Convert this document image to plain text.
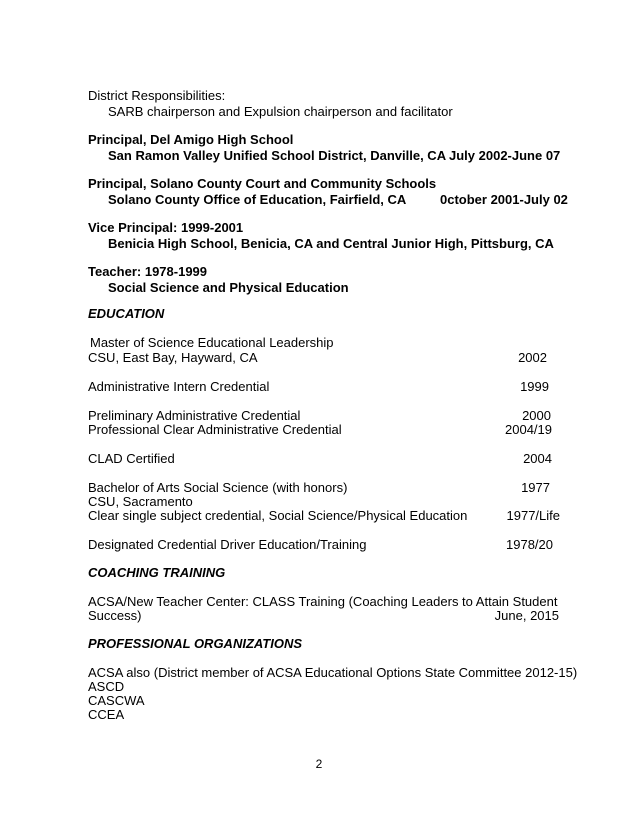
District Responsibilities:
SARB chairperson and Expulsion chairperson and facilitator
Principal, Del Amigo High School
San Ramon Valley Unified School District, Danville, CA July 2002-June 07
Principal, Solano County Court and Community Schools
Solano County Office of Education, Fairfield, CA	0ctober 2001-July 02
Vice Principal: 1999-2001
Benicia High School, Benicia, CA and Central Junior High, Pittsburg, CA
Teacher: 1978-1999
Social Science and Physical Education
EDUCATION
Master of Science Educational Leadership
CSU, East Bay, Hayward, CA	2002
Administrative Intern Credential	1999
Preliminary Administrative Credential	2000
Professional Clear Administrative Credential	2004/19
CLAD Certified	2004
Bachelor of Arts Social Science (with honors)	1977
CSU, Sacramento
Clear single subject credential, Social Science/Physical Education	1977/Life
Designated Credential Driver Education/Training	1978/20
COACHING TRAINING
ACSA/New Teacher Center: CLASS Training (Coaching Leaders to Attain Student
Success)	June, 2015
PROFESSIONAL ORGANIZATIONS
ACSA also (District member of ACSA Educational Options State Committee 2012-15)
ASCD
CASCWA
CCEA
2
